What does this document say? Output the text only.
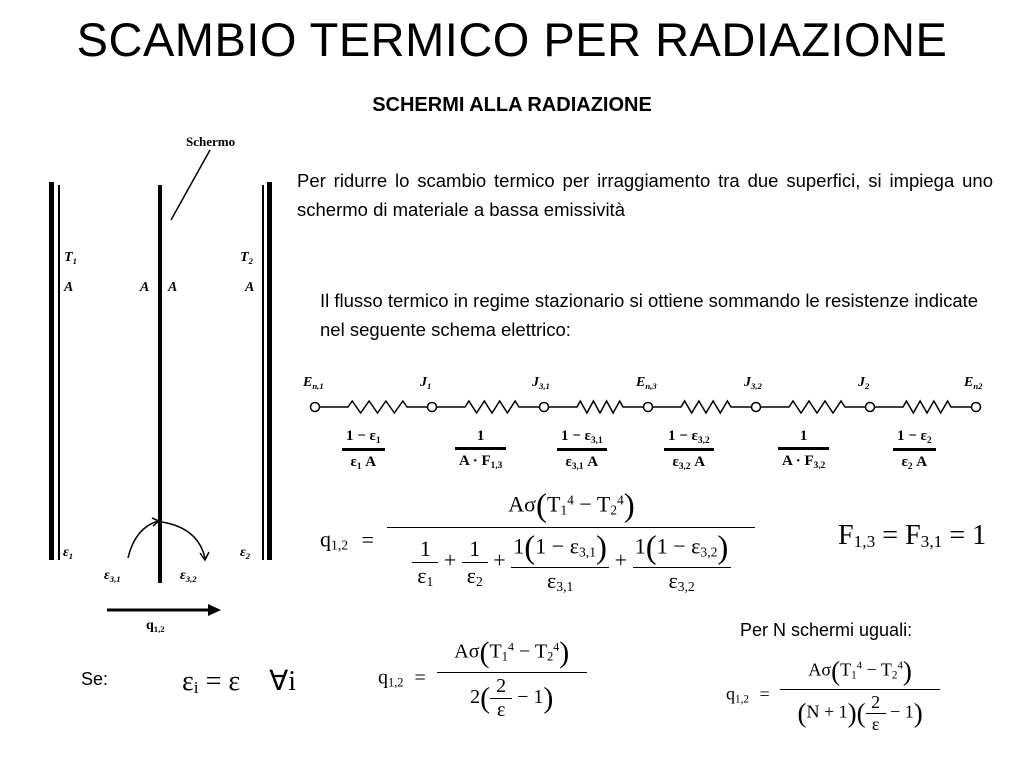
SCAMBIO TERMICO PER RADIAZIONE
SCHERMI ALLA RADIAZIONE
Per ridurre lo scambio termico per irraggiamento tra due superfici, si impiega uno schermo di materiale a bassa emissività
Il flusso termico in regime stazionario si ottiene sommando le resistenze indicate nel seguente schema elettrico:
Schermo
$T_1$	$T_2$
A	A A	A
$\varepsilon_1$	$\varepsilon_2$
$\varepsilon_{3,1}$	$\varepsilon_{3,2}$
$q_{1,2}$
$E_{n,1}$	$J_1$	$J_{3,1}$	$E_{n,3}$	$J_{3,2}$	$J_2$	$E_{n2}$
$\frac{1 - \varepsilon_1}{\varepsilon_1 A}$	$\frac{1}{A \cdot F_{1,3}}$	$\frac{1 - \varepsilon_{3,1}}{\varepsilon_{3,1} A}$	$\frac{1 - \varepsilon_{3,2}}{\varepsilon_{3,2} A}$	$\frac{1}{A \cdot F_{3,2}}$	$\frac{1 - \varepsilon_2}{\varepsilon_2 A}$
q1,2 =
$A\sigma(T1^4 - T2^4)$
$\frac{1}{\varepsilon 1} + \frac{1}{\varepsilon 2} + \frac{1(1 - \varepsilon 3,1)}{\varepsilon 3,1} + \frac{1(1 - \varepsilon 3,2)}{\varepsilon 3,2}$	F1,3 = F3,1 = 1
Se:	εi = ε ∀i	$q1,2 = \frac{A\sigma(T1^4 - T2^4)}{2( \frac{2}{\varepsilon} - 1)}$
Per N schermi uguali:
$q1,2 = \frac{A\sigma(T1^4 - T2^4)}{(N + 1)( \frac{2}{\varepsilon} - 1)}$
